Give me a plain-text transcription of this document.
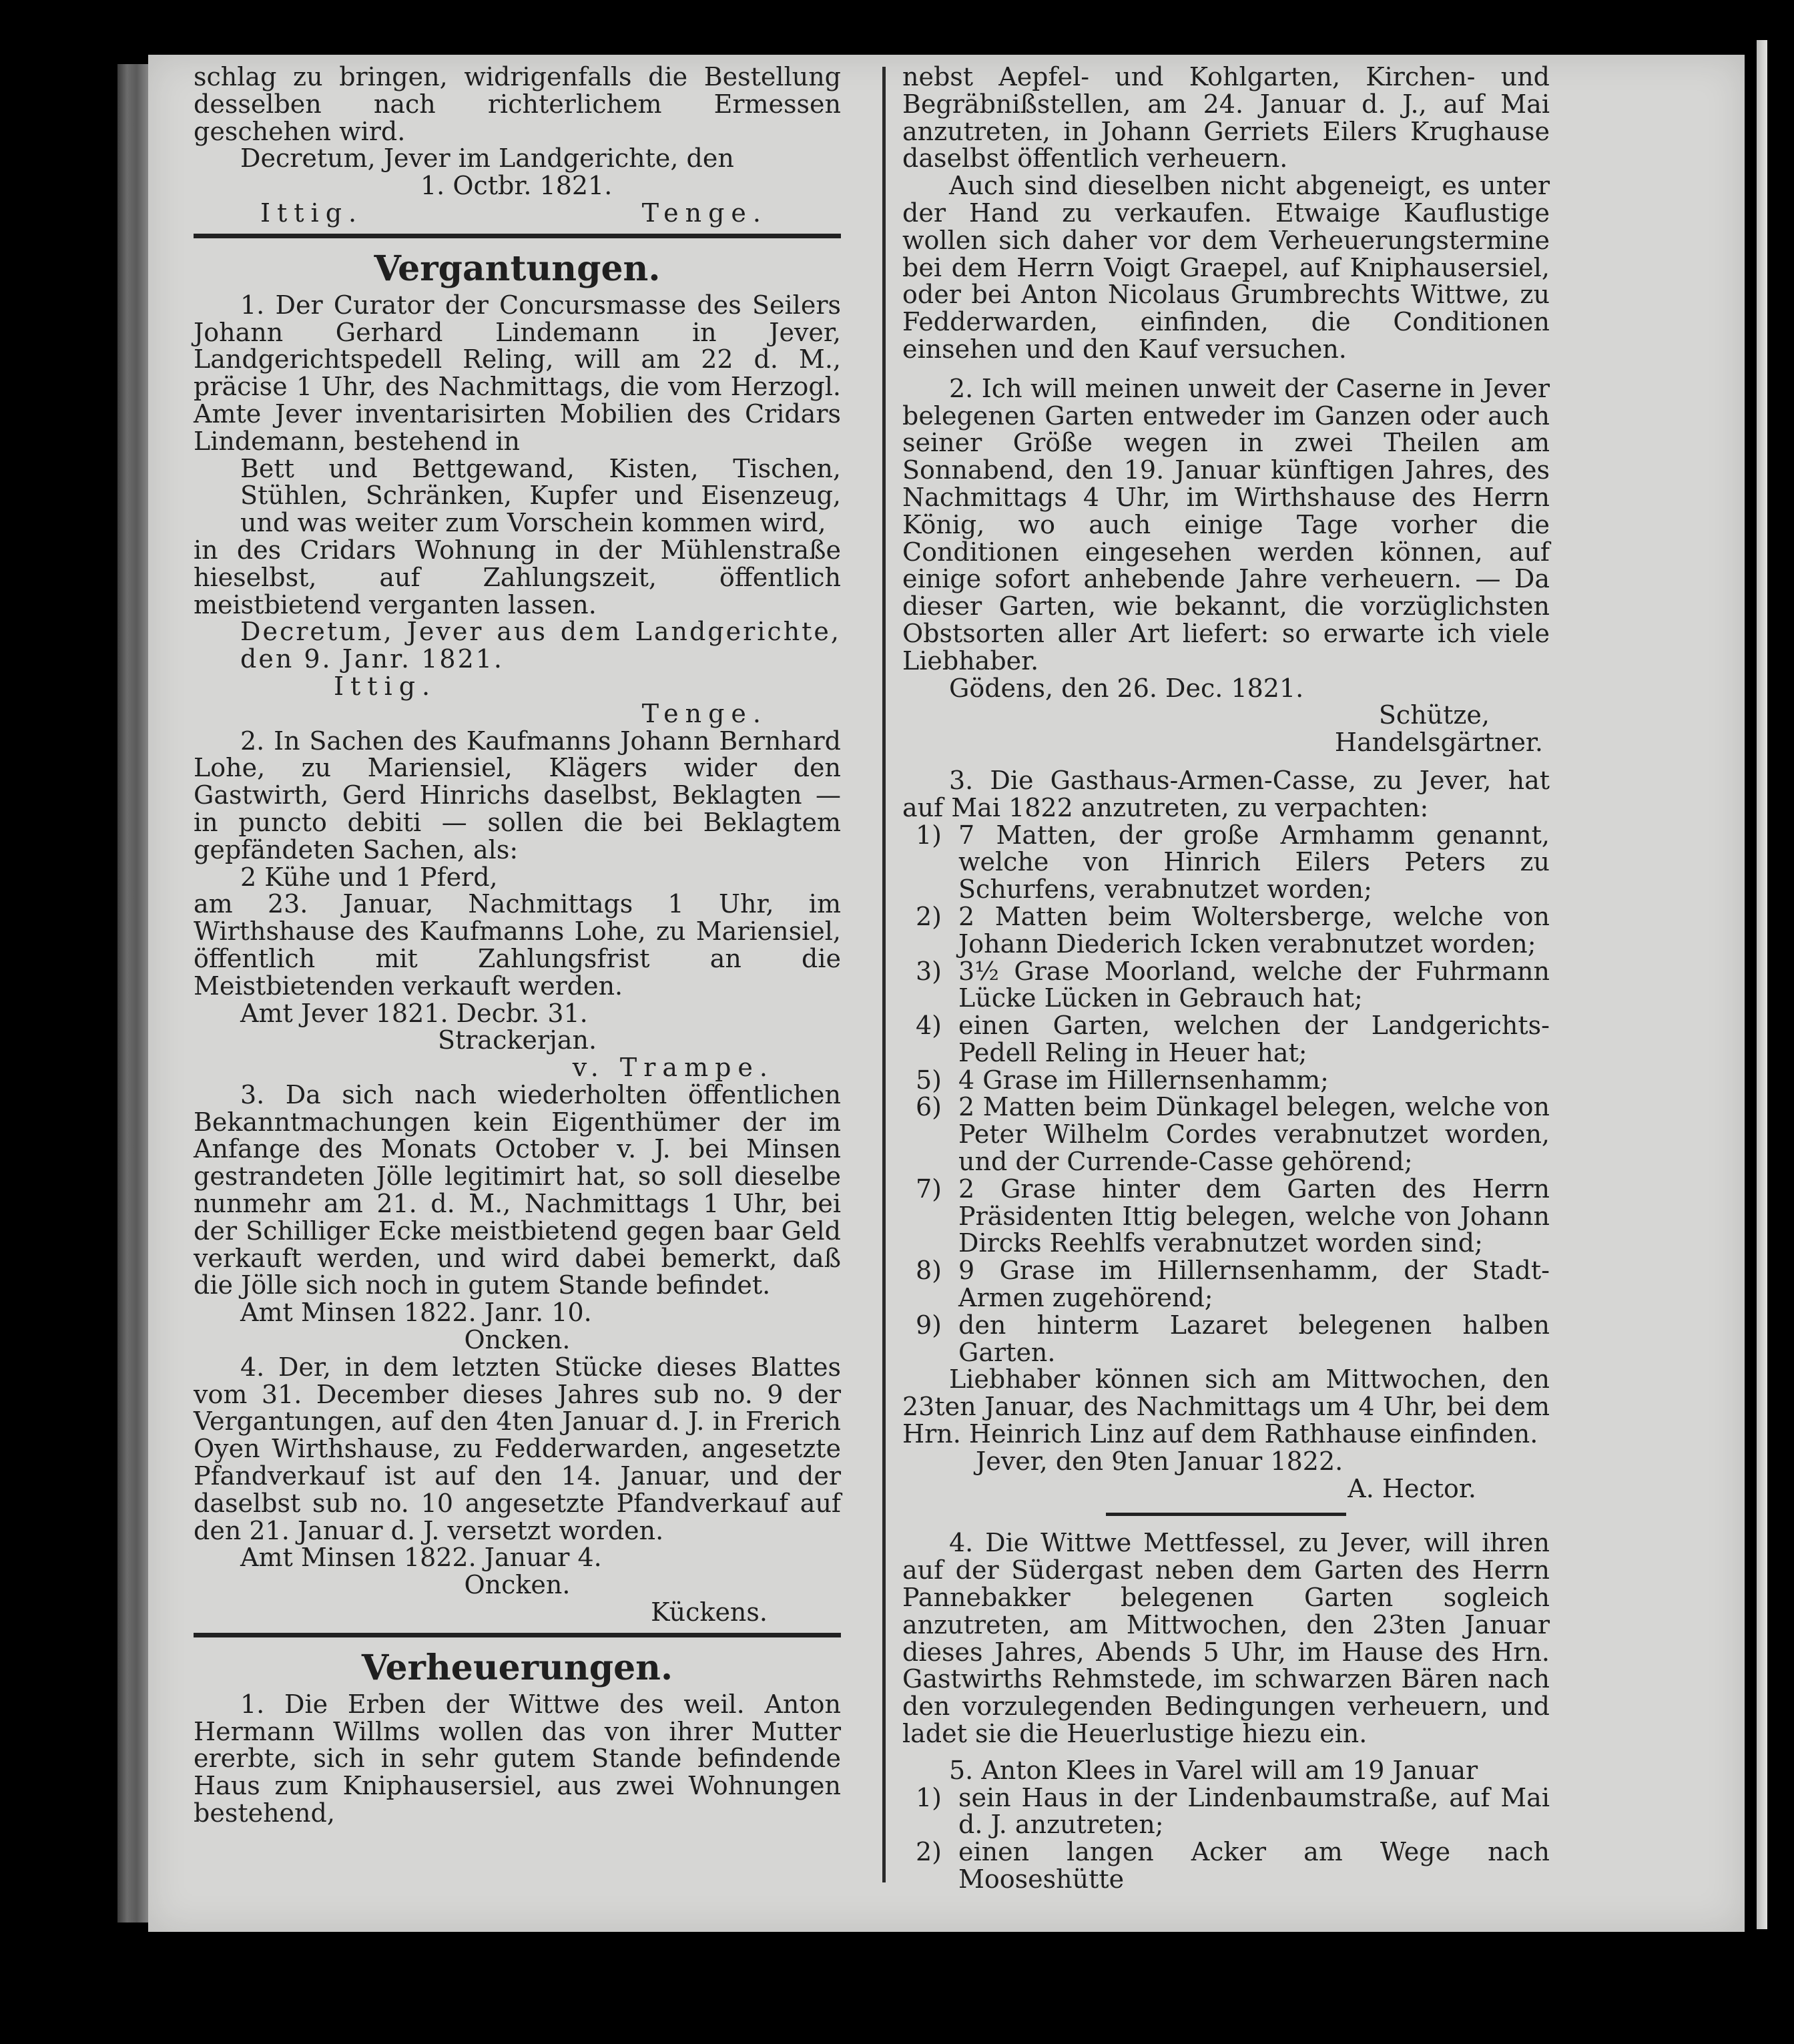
schlag zu bringen, widrigenfalls die Bestellung desselben nach richterlichem Ermessen geschehen wird.

Decretum, Jever im Landgerichte, den

1. Octbr. 1821.

Ittig.	Tenge.
Vergantungen.

1. Der Curator der Concursmasse des Seilers Johann Gerhard Lindemann in Jever, Landgerichtspedell Reling, will am 22 d. M., präcise 1 Uhr, des Nachmittags, die vom Herzogl. Amte Jever inventarisirten Mobilien des Cridars Lindemann, bestehend in

Bett und Bettgewand, Kisten, Tischen, Stühlen, Schränken, Kupfer und Eisenzeug, und was weiter zum Vorschein kommen wird,

in des Cridars Wohnung in der Mühlenstraße hieselbst, auf Zahlungszeit, öffentlich meistbietend verganten lassen.

Decretum, Jever aus dem Landgerichte, den 9. Janr. 1821.

Ittig.

Tenge.

2. In Sachen des Kaufmanns Johann Bernhard Lohe, zu Mariensiel, Klägers wider den Gastwirth, Gerd Hinrichs daselbst, Beklagten — in puncto debiti — sollen die bei Beklagtem gepfändeten Sachen, als:

2 Kühe und 1 Pferd,

am 23. Januar, Nachmittags 1 Uhr, im Wirthshause des Kaufmanns Lohe, zu Mariensiel, öffentlich mit Zahlungsfrist an die Meistbietenden verkauft werden.

Amt Jever 1821. Decbr. 31.

Strackerjan.

v. Trampe.

3. Da sich nach wiederholten öffentlichen Bekanntmachungen kein Eigenthümer der im Anfange des Monats October v. J. bei Minsen gestrandeten Jölle legitimirt hat, so soll dieselbe nunmehr am 21. d. M., Nachmittags 1 Uhr, bei der Schilliger Ecke meistbietend gegen baar Geld verkauft werden, und wird dabei bemerkt, daß die Jölle sich noch in gutem Stande befindet.

Amt Minsen 1822. Janr. 10.

Oncken.

4. Der, in dem letzten Stücke dieses Blattes vom 31. December dieses Jahres sub no. 9 der Vergantungen, auf den 4ten Januar d. J. in Frerich Oyen Wirthshause, zu Fedderwarden, angesetzte Pfandverkauf ist auf den 14. Januar, und der daselbst sub no. 10 angesetzte Pfandverkauf auf den 21. Januar d. J. versetzt worden.

Amt Minsen 1822. Januar 4.

Oncken.

Kückens.

Verheuerungen.

1. Die Erben der Wittwe des weil. Anton Hermann Willms wollen das von ihrer Mutter ererbte, sich in sehr gutem Stande befindende Haus zum Kniphausersiel, aus zwei Wohnungen bestehend,

nebst Aepfel- und Kohlgarten, Kirchen- und Begräbnißstellen, am 24. Januar d. J., auf Mai anzutreten, in Johann Gerriets Eilers Krughause daselbst öffentlich verheuern.

Auch sind dieselben nicht abgeneigt, es unter der Hand zu verkaufen. Etwaige Kauflustige wollen sich daher vor dem Verheuerungstermine bei dem Herrn Voigt Graepel, auf Kniphausersiel, oder bei Anton Nicolaus Grumbrechts Wittwe, zu Fedderwarden, einfinden, die Conditionen einsehen und den Kauf versuchen.

2. Ich will meinen unweit der Caserne in Jever belegenen Garten entweder im Ganzen oder auch seiner Größe wegen in zwei Theilen am Sonnabend, den 19. Januar künftigen Jahres, des Nachmittags 4 Uhr, im Wirthshause des Herrn König, wo auch einige Tage vorher die Conditionen eingesehen werden können, auf einige sofort anhebende Jahre verheuern. — Da dieser Garten, wie bekannt, die vorzüglichsten Obstsorten aller Art liefert: so erwarte ich viele Liebhaber.

Gödens, den 26. Dec. 1821.

Schütze,

Handelsgärtner.

3. Die Gasthaus-Armen-Casse, zu Jever, hat auf Mai 1822 anzutreten, zu verpachten:

1) 7 Matten, der große Armhamm genannt, welche von Hinrich Eilers Peters zu Schurfens, verabnutzet worden;

2) 2 Matten beim Woltersberge, welche von Johann Diederich Icken verabnutzet worden;

3) 3½ Grase Moorland, welche der Fuhrmann Lücke Lücken in Gebrauch hat;

4) einen Garten, welchen der Landgerichts-Pedell Reling in Heuer hat;

5) 4 Grase im Hillernsenhamm;

6) 2 Matten beim Dünkagel belegen, welche von Peter Wilhelm Cordes verabnutzet worden, und der Currende-Casse gehörend;

7) 2 Grase hinter dem Garten des Herrn Präsidenten Ittig belegen, welche von Johann Dircks Reehlfs verabnutzet worden sind;

8) 9 Grase im Hillernsenhamm, der Stadt-Armen zugehörend;

9) den hinterm Lazaret belegenen halben Garten.

Liebhaber können sich am Mittwochen, den 23ten Januar, des Nachmittags um 4 Uhr, bei dem Hrn. Heinrich Linz auf dem Rathhause einfinden.

Jever, den 9ten Januar 1822.

A. Hector.

4. Die Wittwe Mettfessel, zu Jever, will ihren auf der Südergast neben dem Garten des Herrn Pannebakker belegenen Garten sogleich anzutreten, am Mittwochen, den 23ten Januar dieses Jahres, Abends 5 Uhr, im Hause des Hrn. Gastwirths Rehmstede, im schwarzen Bären nach den vorzulegenden Bedingungen verheuern, und ladet sie die Heuerlustige hiezu ein.

5. Anton Klees in Varel will am 19 Januar

1) sein Haus in der Lindenbaumstraße, auf Mai d. J. anzutreten;

2) einen langen Acker am Wege nach Mooseshütte
